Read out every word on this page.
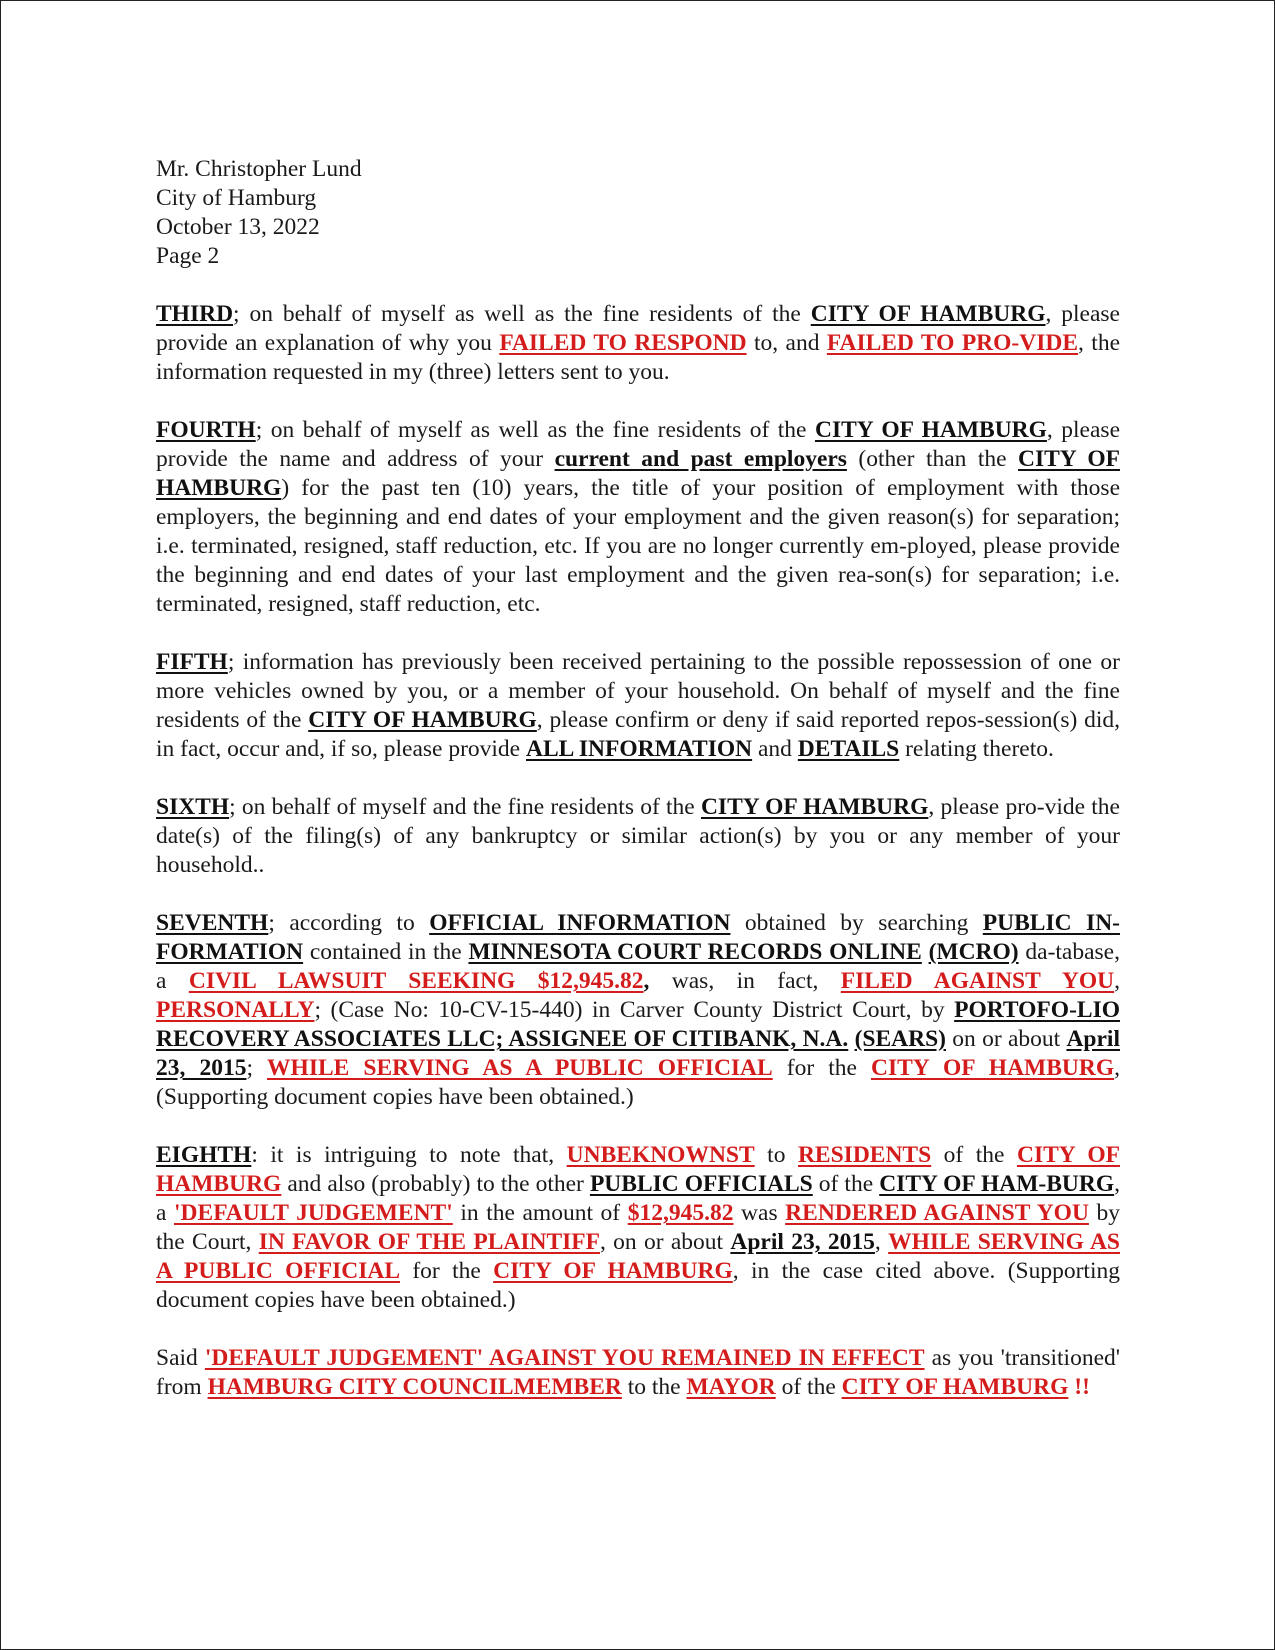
Mr. Christopher Lund
City of Hamburg
October 13, 2022
Page 2

THIRD; on behalf of myself as well as the fine residents of the CITY OF HAMBURG, please provide an explanation of why you FAILED TO RESPOND to, and FAILED TO PRO-VIDE, the information requested in my (three) letters sent to you.

FOURTH; on behalf of myself as well as the fine residents of the CITY OF HAMBURG, please provide the name and address of your current and past employers (other than the CITY OF HAMBURG) for the past ten (10) years, the title of your position of employment with those employers, the beginning and end dates of your employment and the given reason(s) for separation; i.e. terminated, resigned, staff reduction, etc. If you are no longer currently em-ployed, please provide the beginning and end dates of your last employment and the given rea-son(s) for separation; i.e. terminated, resigned, staff reduction, etc.

FIFTH; information has previously been received pertaining to the possible repossession of one or more vehicles owned by you, or a member of your household. On behalf of myself and the fine residents of the CITY OF HAMBURG, please confirm or deny if said reported repos-session(s) did, in fact, occur and, if so, please provide ALL INFORMATION and DETAILS relating thereto.

SIXTH; on behalf of myself and the fine residents of the CITY OF HAMBURG, please pro-vide the date(s) of the filing(s) of any bankruptcy or similar action(s) by you or any member of your household..

SEVENTH; according to OFFICIAL INFORMATION obtained by searching PUBLIC IN-FORMATION contained in the MINNESOTA COURT RECORDS ONLINE (MCRO) da-tabase, a CIVIL LAWSUIT SEEKING $12,945.82, was, in fact, FILED AGAINST YOU, PERSONALLY; (Case No: 10-CV-15-440) in Carver County District Court, by PORTOFO-LIO RECOVERY ASSOCIATES LLC; ASSIGNEE OF CITIBANK, N.A. (SEARS) on or about April 23, 2015; WHILE SERVING AS A PUBLIC OFFICIAL for the CITY OF HAMBURG, (Supporting document copies have been obtained.)

EIGHTH: it is intriguing to note that, UNBEKNOWNST to RESIDENTS of the CITY OF HAMBURG and also (probably) to the other PUBLIC OFFICIALS of the CITY OF HAM-BURG, a 'DEFAULT JUDGEMENT' in the amount of $12,945.82 was RENDERED AGAINST YOU by the Court, IN FAVOR OF THE PLAINTIFF, on or about April 23, 2015, WHILE SERVING AS A PUBLIC OFFICIAL for the CITY OF HAMBURG, in the case cited above. (Supporting document copies have been obtained.)

Said 'DEFAULT JUDGEMENT' AGAINST YOU REMAINED IN EFFECT as you 'transitioned' from HAMBURG CITY COUNCILMEMBER to the MAYOR of the CITY OF HAMBURG !!
